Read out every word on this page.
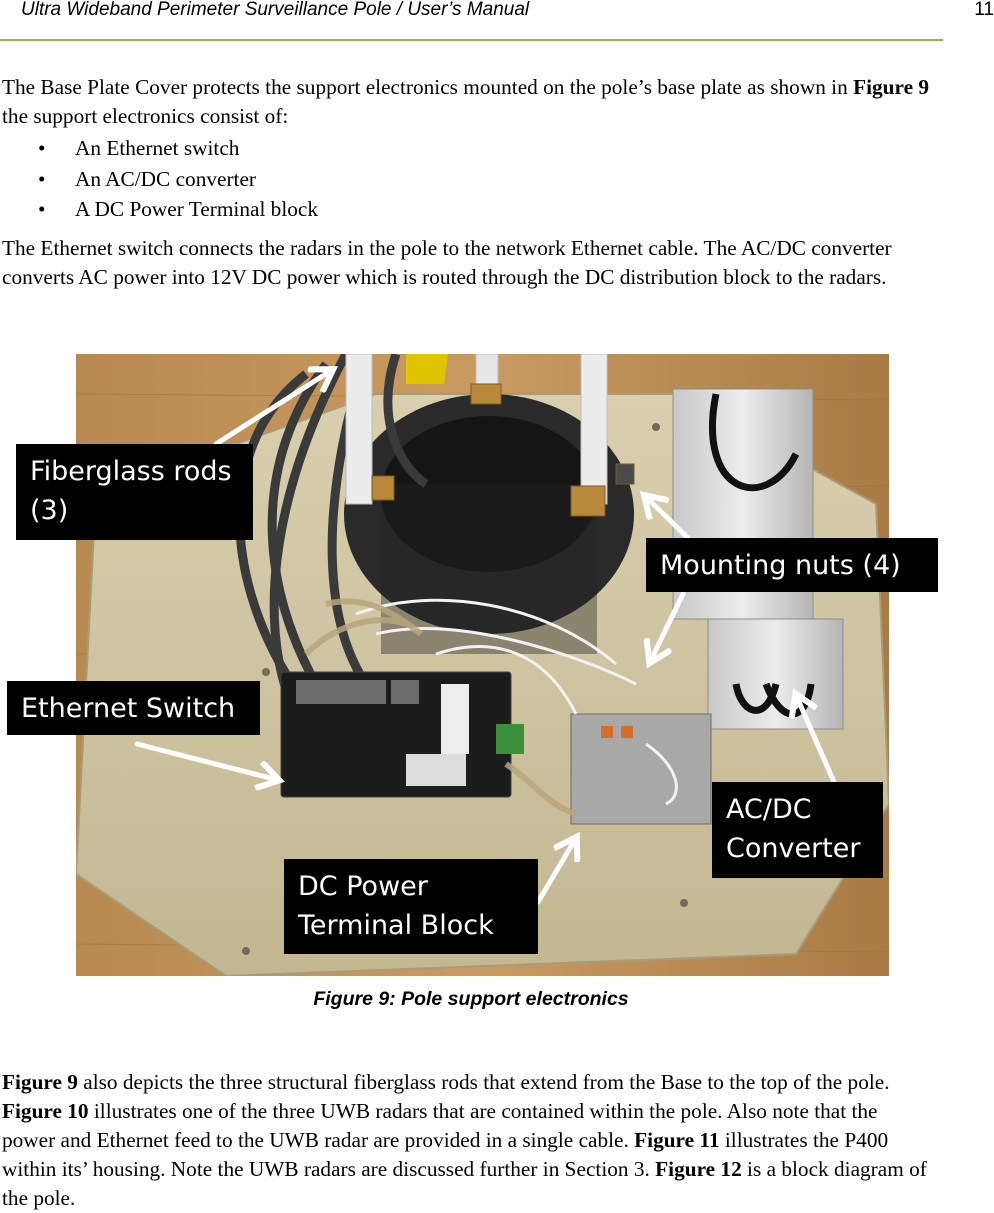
Ultra Wideband Perimeter Surveillance Pole / User’s Manual	11

The Base Plate Cover protects the support electronics mounted on the pole’s base plate as shown in Figure 9 the support electronics consist of:

• An Ethernet switch
• An AC/DC converter
• A DC Power Terminal block

The Ethernet switch connects the radars in the pole to the network Ethernet cable. The AC/DC converter converts AC power into 12V DC power which is routed through the DC distribution block to the radars.

Fiberglass rods (3)
Mounting nuts (4)
Ethernet Switch
AC/DC Converter
DC Power Terminal Block
Figure 9: Pole support electronics

Figure 9 also depicts the three structural fiberglass rods that extend from the Base to the top of the pole. Figure 10 illustrates one of the three UWB radars that are contained within the pole. Also note that the power and Ethernet feed to the UWB radar are provided in a single cable. Figure 11 illustrates the P400 within its’ housing. Note the UWB radars are discussed further in Section 3. Figure 12 is a block diagram of the pole.
